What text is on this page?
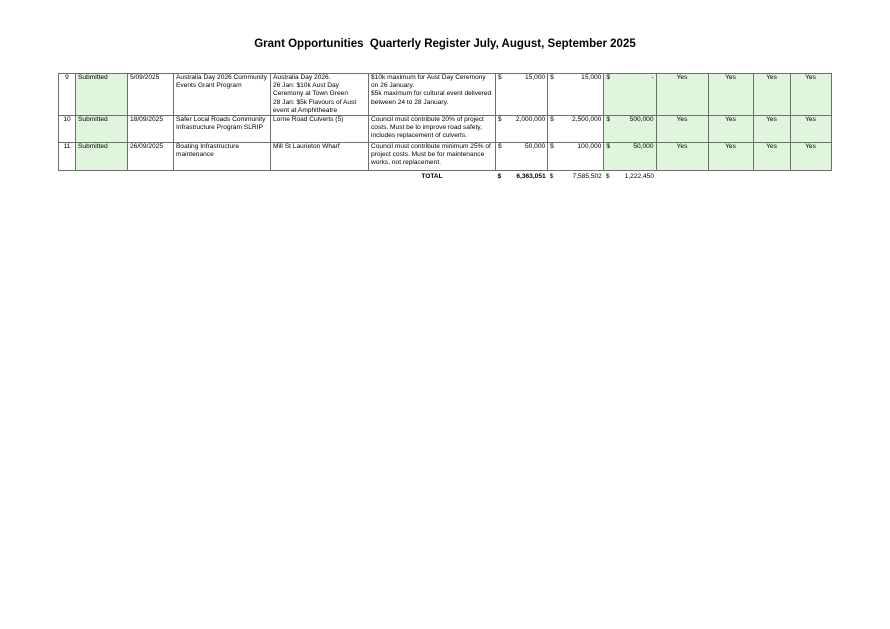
Grant Opportunities  Quarterly Register July, August, September 2025
9	Submitted	5/09/2025	Australia Day 2026 Community Events Grant Program	Australia Day 2026.
26 Jan: $10k Aust Day Ceremony at Town Green
28 Jan: $5k Flavours of Aust event at Amphitheatre	$10k maximum for Aust Day Ceremony on 26 January.
$5k maximum for cultural event delivered between 24 to 28 January.	$	15,000	$	15,000	$	-	Yes	Yes	Yes	Yes
10	Submitted	18/09/2025	Safer Local Roads Community Infrastructure Program SLRIP	Lorne Road Culverts (5)	Council must contribute 20% of project costs. Must be to improve road safety, includes replacement of culverts.	$	2,000,000	$	2,500,000	$	500,000	Yes	Yes	Yes	Yes
11	Submitted	26/09/2025	Boating Infrastructure maintenance	Mill St Laurieton Wharf	Council must contribute minimum 25% of project costs. Must be for maintenance works, not replacement.	$	50,000	$	100,000	$	50,000	Yes	Yes	Yes	Yes
					TOTAL	$	6,363,051	$	7,585,502	$	1,222,450				
